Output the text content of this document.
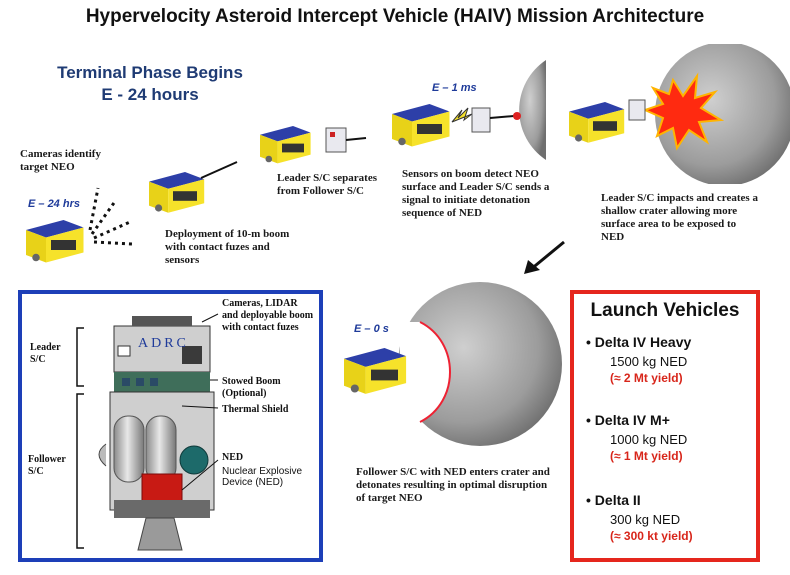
Hypervelocity Asteroid Intercept Vehicle (HAIV) Mission Architecture
Terminal Phase Begins
E - 24 hours
Cameras identify target NEO
E – 24 hrs
Deployment of 10-m boom with contact fuzes and sensors
Leader S/C separates from Follower S/C
E – 1 ms
Sensors on boom detect NEO surface and Leader S/C sends a signal to initiate detonation sequence of NED
Leader S/C impacts and creates a shallow crater allowing more surface area to be exposed to NED
E – 0 s
Follower S/C with NED enters crater and detonates resulting in optimal disruption of target NEO
ADRC
Leader S/C
Follower S/C
Cameras, LIDAR and deployable boom with contact fuzes
Stowed Boom (Optional)
Thermal Shield
NED
Nuclear Explosive Device (NED)
Launch Vehicles
• Delta IV Heavy
1500 kg NED
(≈ 2 Mt yield)
• Delta IV M+
1000 kg NED
(≈ 1 Mt yield)
• Delta II
300 kg NED
(≈ 300 kt yield)
